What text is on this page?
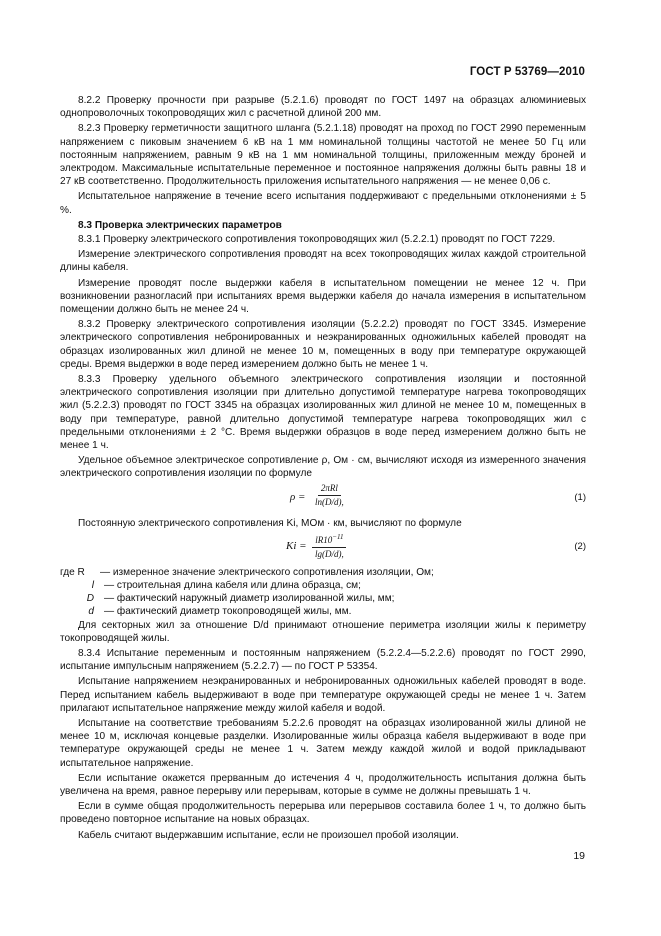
ГОСТ Р 53769—2010

8.2.2 Проверку прочности при разрыве (5.2.1.6) проводят по ГОСТ 1497 на образцах алюминиевых однопроволочных токопроводящих жил с расчетной длиной 200 мм.

8.2.3 Проверку герметичности защитного шланга (5.2.1.18) проводят на проход по ГОСТ 2990 переменным напряжением с пиковым значением 6 кВ на 1 мм номинальной толщины частотой не менее 50 Гц или постоянным напряжением, равным 9 кВ на 1 мм номинальной толщины, приложенным между броней и электродом. Максимальные испытательные переменное и постоянное напряжения должны быть равны 18 и 27 кВ соответственно. Продолжительность приложения испытательного напряжения — не менее 0,06 с.

Испытательное напряжение в течение всего испытания поддерживают с предельными отклонениями ± 5 %.

8.3 Проверка электрических параметров

8.3.1 Проверку электрического сопротивления токопроводящих жил (5.2.2.1) проводят по ГОСТ 7229.

Измерение электрического сопротивления проводят на всех токопроводящих жилах каждой строительной длины кабеля.

Измерение проводят после выдержки кабеля в испытательном помещении не менее 12 ч. При возникновении разногласий при испытаниях время выдержки кабеля до начала измерения в испытательном помещении должно быть не менее 24 ч.

8.3.2 Проверку электрического сопротивления изоляции (5.2.2.2) проводят по ГОСТ 3345. Измерение электрического сопротивления небронированных и неэкранированных одножильных кабелей проводят на образцах изолированных жил длиной не менее 10 м, помещенных в воду при температуре окружающей среды. Время выдержки в воде перед измерением должно быть не менее 1 ч.

8.3.3 Проверку удельного объемного электрического сопротивления изоляции и постоянной электрического сопротивления изоляции при длительно допустимой температуре нагрева токопроводящих жил (5.2.2.3) проводят по ГОСТ 3345 на образцах изолированных жил длиной не менее 10 м, помещенных в воду при температуре, равной длительно допустимой температуре нагрева токопроводящих жил с предельными отклонениями ± 2 °С. Время выдержки образцов в воде перед измерением должно быть не менее 1 ч.

Удельное объемное электрическое сопротивление ρ, Ом · см, вычисляют исходя из измеренного значения электрического сопротивления изоляции по формуле

ρ =
2πRl
ln(D/d),	(1)

Постоянную электрического сопротивления Ki, МОм · км, вычисляют по формуле

$Ki = \frac{lR10^{-11}}{\lg(D/d),}$	(2)
где R — измеренное значение электрического сопротивления изоляции, Ом;
l — строительная длина кабеля или длина образца, см;
D — фактический наружный диаметр изолированной жилы, мм;
d — фактический диаметр токопроводящей жилы, мм.

Для секторных жил за отношение D/d принимают отношение периметра изоляции жилы к периметру токопроводящей жилы.

8.3.4 Испытание переменным и постоянным напряжением (5.2.2.4—5.2.2.6) проводят по ГОСТ 2990, испытание импульсным напряжением (5.2.2.7) — по ГОСТ Р 53354.

Испытание напряжением неэкранированных и небронированных одножильных кабелей проводят в воде. Перед испытанием кабель выдерживают в воде при температуре окружающей среды не менее 1 ч. Затем прилагают испытательное напряжение между жилой кабеля и водой.

Испытание на соответствие требованиям 5.2.2.6 проводят на образцах изолированной жилы длиной не менее 10 м, исключая концевые разделки. Изолированные жилы образца кабеля выдерживают в воде при температуре окружающей среды не менее 1 ч. Затем между каждой жилой и водой прикладывают испытательное напряжение.

Если испытание окажется прерванным до истечения 4 ч, продолжительность испытания должна быть увеличена на время, равное перерыву или перерывам, которые в сумме не должны превышать 1 ч.

Если в сумме общая продолжительность перерыва или перерывов составила более 1 ч, то должно быть проведено повторное испытание на новых образцах.

Кабель считают выдержавшим испытание, если не произошел пробой изоляции.

19
